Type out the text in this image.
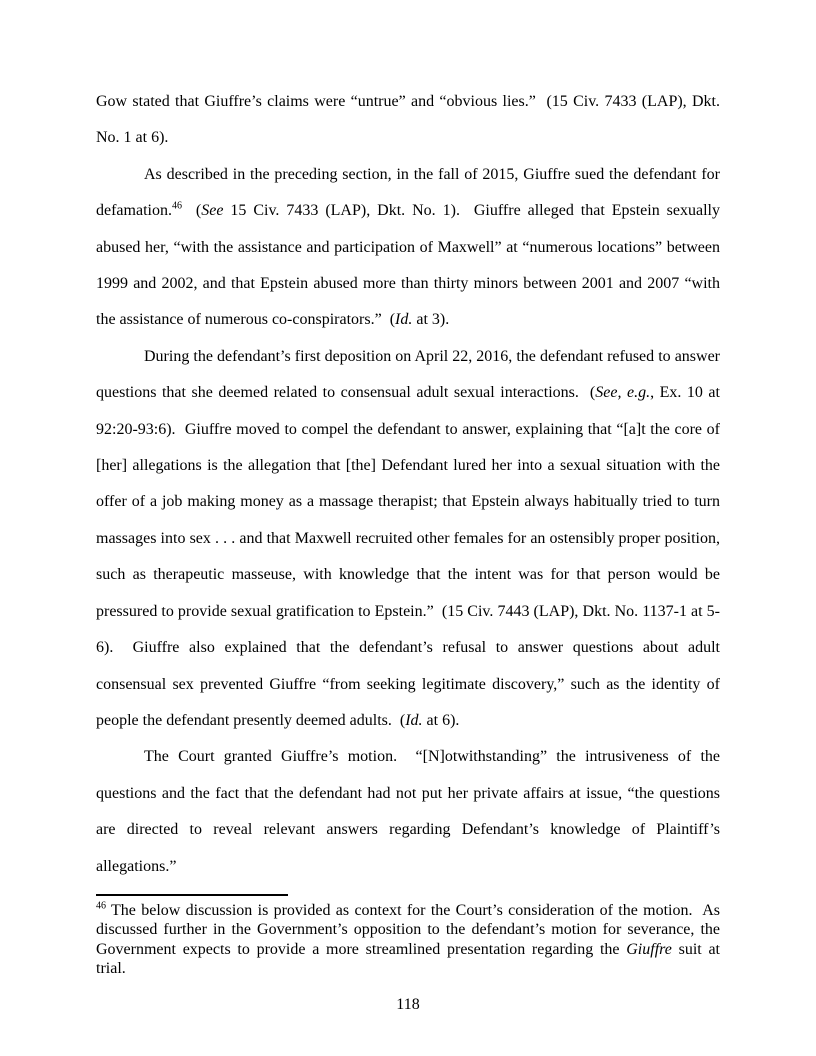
Gow stated that Giuffre’s claims were “untrue” and “obvious lies.”  (15 Civ. 7433 (LAP), Dkt. No. 1 at 6).

As described in the preceding section, in the fall of 2015, Giuffre sued the defendant for defamation.$^{46}$  (See 15 Civ. 7433 (LAP), Dkt. No. 1).  Giuffre alleged that Epstein sexually abused her, “with the assistance and participation of Maxwell” at “numerous locations” between 1999 and 2002, and that Epstein abused more than thirty minors between 2001 and 2007 “with the assistance of numerous co-conspirators.”  (Id. at 3).

During the defendant’s first deposition on April 22, 2016, the defendant refused to answer questions that she deemed related to consensual adult sexual interactions.  (See, e.g., Ex. 10 at 92:20-93:6).  Giuffre moved to compel the defendant to answer, explaining that “[a]t the core of [her] allegations is the allegation that [the] Defendant lured her into a sexual situation with the offer of a job making money as a massage therapist; that Epstein always habitually tried to turn massages into sex . . . and that Maxwell recruited other females for an ostensibly proper position, such as therapeutic masseuse, with knowledge that the intent was for that person would be pressured to provide sexual gratification to Epstein.”  (15 Civ. 7443 (LAP), Dkt. No. 1137-1 at 5-6).  Giuffre also explained that the defendant’s refusal to answer questions about adult consensual sex prevented Giuffre “from seeking legitimate discovery,” such as the identity of people the defendant presently deemed adults.  (Id. at 6).

The Court granted Giuffre’s motion.  “[N]otwithstanding” the intrusiveness of the questions and the fact that the defendant had not put her private affairs at issue, “the questions are directed to reveal relevant answers regarding Defendant’s knowledge of Plaintiff’s allegations.”

$^{46}$ The below discussion is provided as context for the Court’s consideration of the motion.  As discussed further in the Government’s opposition to the defendant’s motion for severance, the Government expects to provide a more streamlined presentation regarding the Giuffre suit at trial.

118
